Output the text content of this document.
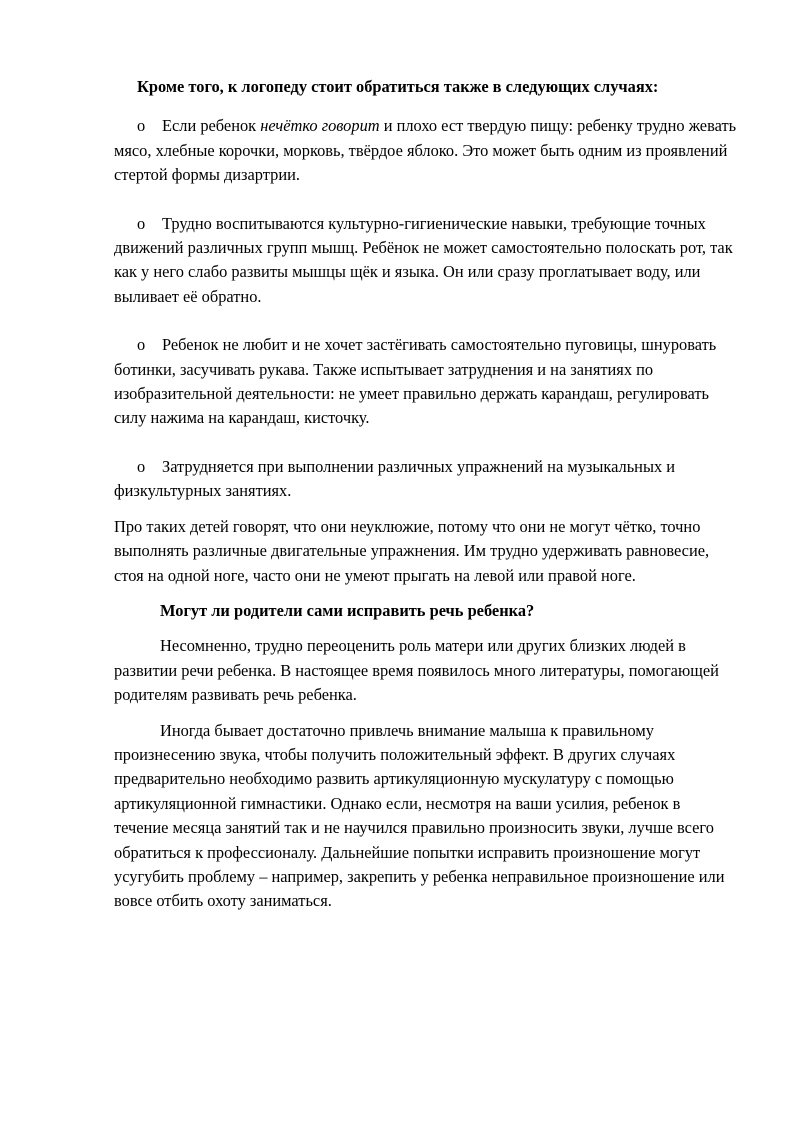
Кроме того, к логопеду стоит обратиться также в следующих случаях:

o Если ребенок нечётко говорит и плохо ест твердую пищу: ребенку трудно жевать мясо, хлебные корочки, морковь, твёрдое яблоко. Это может быть одним из проявлений стертой формы дизартрии.

o Трудно воспитываются культурно-гигиенические навыки, требующие точных движений различных групп мышц. Ребёнок не может самостоятельно полоскать рот, так как у него слабо развиты мышцы щёк и языка. Он или сразу проглатывает воду, или выливает её обратно.

o Ребенок не любит и не хочет застёгивать самостоятельно пуговицы, шнуровать ботинки, засучивать рукава. Также испытывает затруднения и на занятиях по изобразительной деятельности: не умеет правильно держать карандаш, регулировать силу нажима на карандаш, кисточку.

o Затрудняется при выполнении различных упражнений на музыкальных и физкультурных занятиях.

Про таких детей говорят, что они неуклюжие, потому что они не могут чётко, точно выполнять различные двигательные упражнения. Им трудно удерживать равновесие, стоя на одной ноге, часто они не умеют прыгать на левой или правой ноге.

Могут ли родители сами исправить речь ребенка?

Несомненно, трудно переоценить роль матери или других близких людей в развитии речи ребенка. В настоящее время появилось много литературы, помогающей родителям развивать речь ребенка.

Иногда бывает достаточно привлечь внимание малыша к правильному произнесению звука, чтобы получить положительный эффект. В других случаях предварительно необходимо развить артикуляционную мускулатуру с помощью артикуляционной гимнастики. Однако если, несмотря на ваши усилия, ребенок в течение месяца занятий так и не научился правильно произносить звуки, лучше всего обратиться к профессионалу. Дальнейшие попытки исправить произношение могут усугубить проблему – например, закрепить у ребенка неправильное произношение или вовсе отбить охоту заниматься.
